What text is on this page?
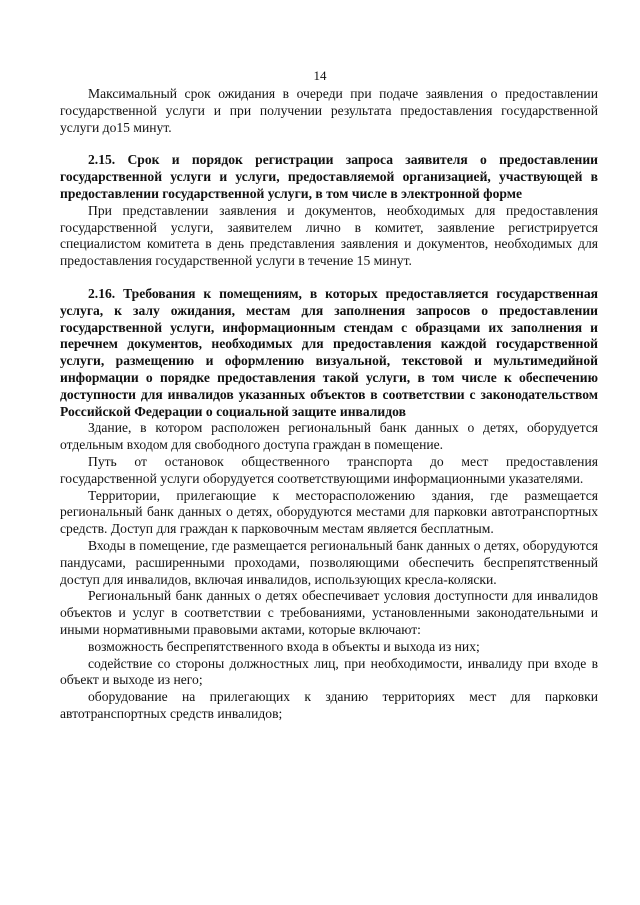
14

Максимальный срок ожидания в очереди при подаче заявления о предоставлении государственной услуги и при получении результата предоставления государственной услуги до15 минут.

2.15. Срок и порядок регистрации запроса заявителя о предоставлении государственной услуги и услуги, предоставляемой организацией, участвующей в предоставлении государственной услуги, в том числе в электронной форме

При представлении заявления и документов, необходимых для предоставления государственной услуги, заявителем лично в комитет, заявление регистрируется специалистом комитета в день представления заявления и документов, необходимых для предоставления государственной услуги в течение 15 минут.

2.16. Требования к помещениям, в которых предоставляется государственная услуга, к залу ожидания, местам для заполнения запросов о предоставлении государственной услуги, информационным стендам с образцами их заполнения и перечнем документов, необходимых для предоставления каждой государственной услуги, размещению и оформлению визуальной, текстовой и мультимедийной информации о порядке предоставления такой услуги, в том числе к обеспечению доступности для инвалидов указанных объектов в соответствии с законодательством Российской Федерации о социальной защите инвалидов

Здание, в котором расположен региональный банк данных о детях, оборудуется отдельным входом для свободного доступа граждан в помещение.

Путь от остановок общественного транспорта до мест предоставления государственной услуги оборудуется соответствующими информационными указателями.

Территории, прилегающие к месторасположению здания, где размещается региональный банк данных о детях, оборудуются местами для парковки автотранспортных средств. Доступ для граждан к парковочным местам является бесплатным.

Входы в помещение, где размещается региональный банк данных о детях, оборудуются пандусами, расширенными проходами, позволяющими обеспечить беспрепятственный доступ для инвалидов, включая инвалидов, использующих кресла-коляски.

Региональный банк данных о детях обеспечивает условия доступности для инвалидов объектов и услуг в соответствии с требованиями, установленными законодательными и иными нормативными правовыми актами, которые включают:

возможность беспрепятственного входа в объекты и выхода из них;

содействие со стороны должностных лиц, при необходимости, инвалиду при входе в объект и выходе из него;

оборудование на прилегающих к зданию территориях мест для парковки автотранспортных средств инвалидов;
